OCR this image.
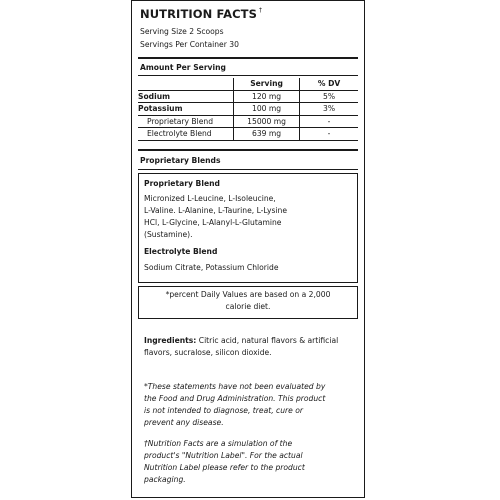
NUTRITION FACTS †
Serving Size 2 Scoops
Servings Per Container 30
Amount Per Serving
	Serving	% DV
Sodium	120 mg	5%
Potassium	100 mg	3%
Proprietary Blend	15000 mg	-
Electrolyte Blend	639 mg	-
Proprietary Blends
Proprietary Blend
Micronized L-Leucine, L-Isoleucine,
L-Valine. L-Alanine, L-Taurine, L-Lysine
HCl, L-Glycine, L-Alanyl-L-Glutamine
(Sustamine).
Electrolyte Blend
Sodium Citrate, Potassium Chloride
*percent Daily Values are based on a 2,000
calorie diet.
Ingredients: Citric acid, natural flavors & artificial flavors, sucralose, silicon dioxide.
*These statements have not been evaluated by
the Food and Drug Administration. This product
is not intended to diagnose, treat, cure or
prevent any disease.
†Nutrition Facts are a simulation of the
product's "Nutrition Label". For the actual
Nutrition Label please refer to the product
packaging.
